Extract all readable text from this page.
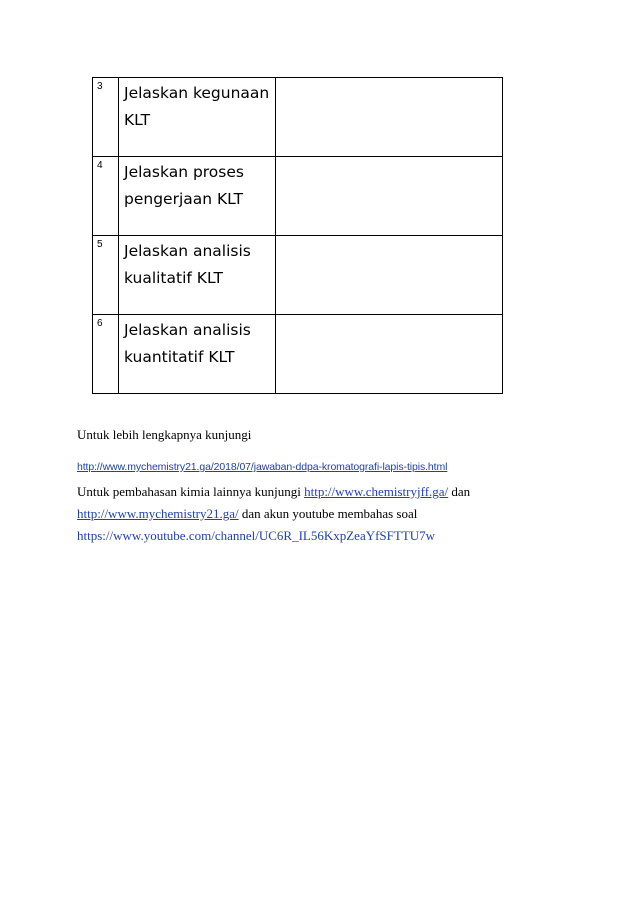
3	Jelaskan kegunaan KLT	
4	Jelaskan proses pengerjaan KLT	
5	Jelaskan analisis kualitatif KLT	
6	Jelaskan analisis kuantitatif KLT	
Untuk lebih lengkapnya kunjungi
http://www.mychemistry21.ga/2018/07/jawaban-ddpa-kromatografi-lapis-tipis.html
Untuk pembahasan kimia lainnya kunjungi http://www.chemistryjff.ga/ dan
http://www.mychemistry21.ga/ dan akun youtube membahas soal
https://www.youtube.com/channel/UC6R_IL56KxpZeaYfSFTTU7w
